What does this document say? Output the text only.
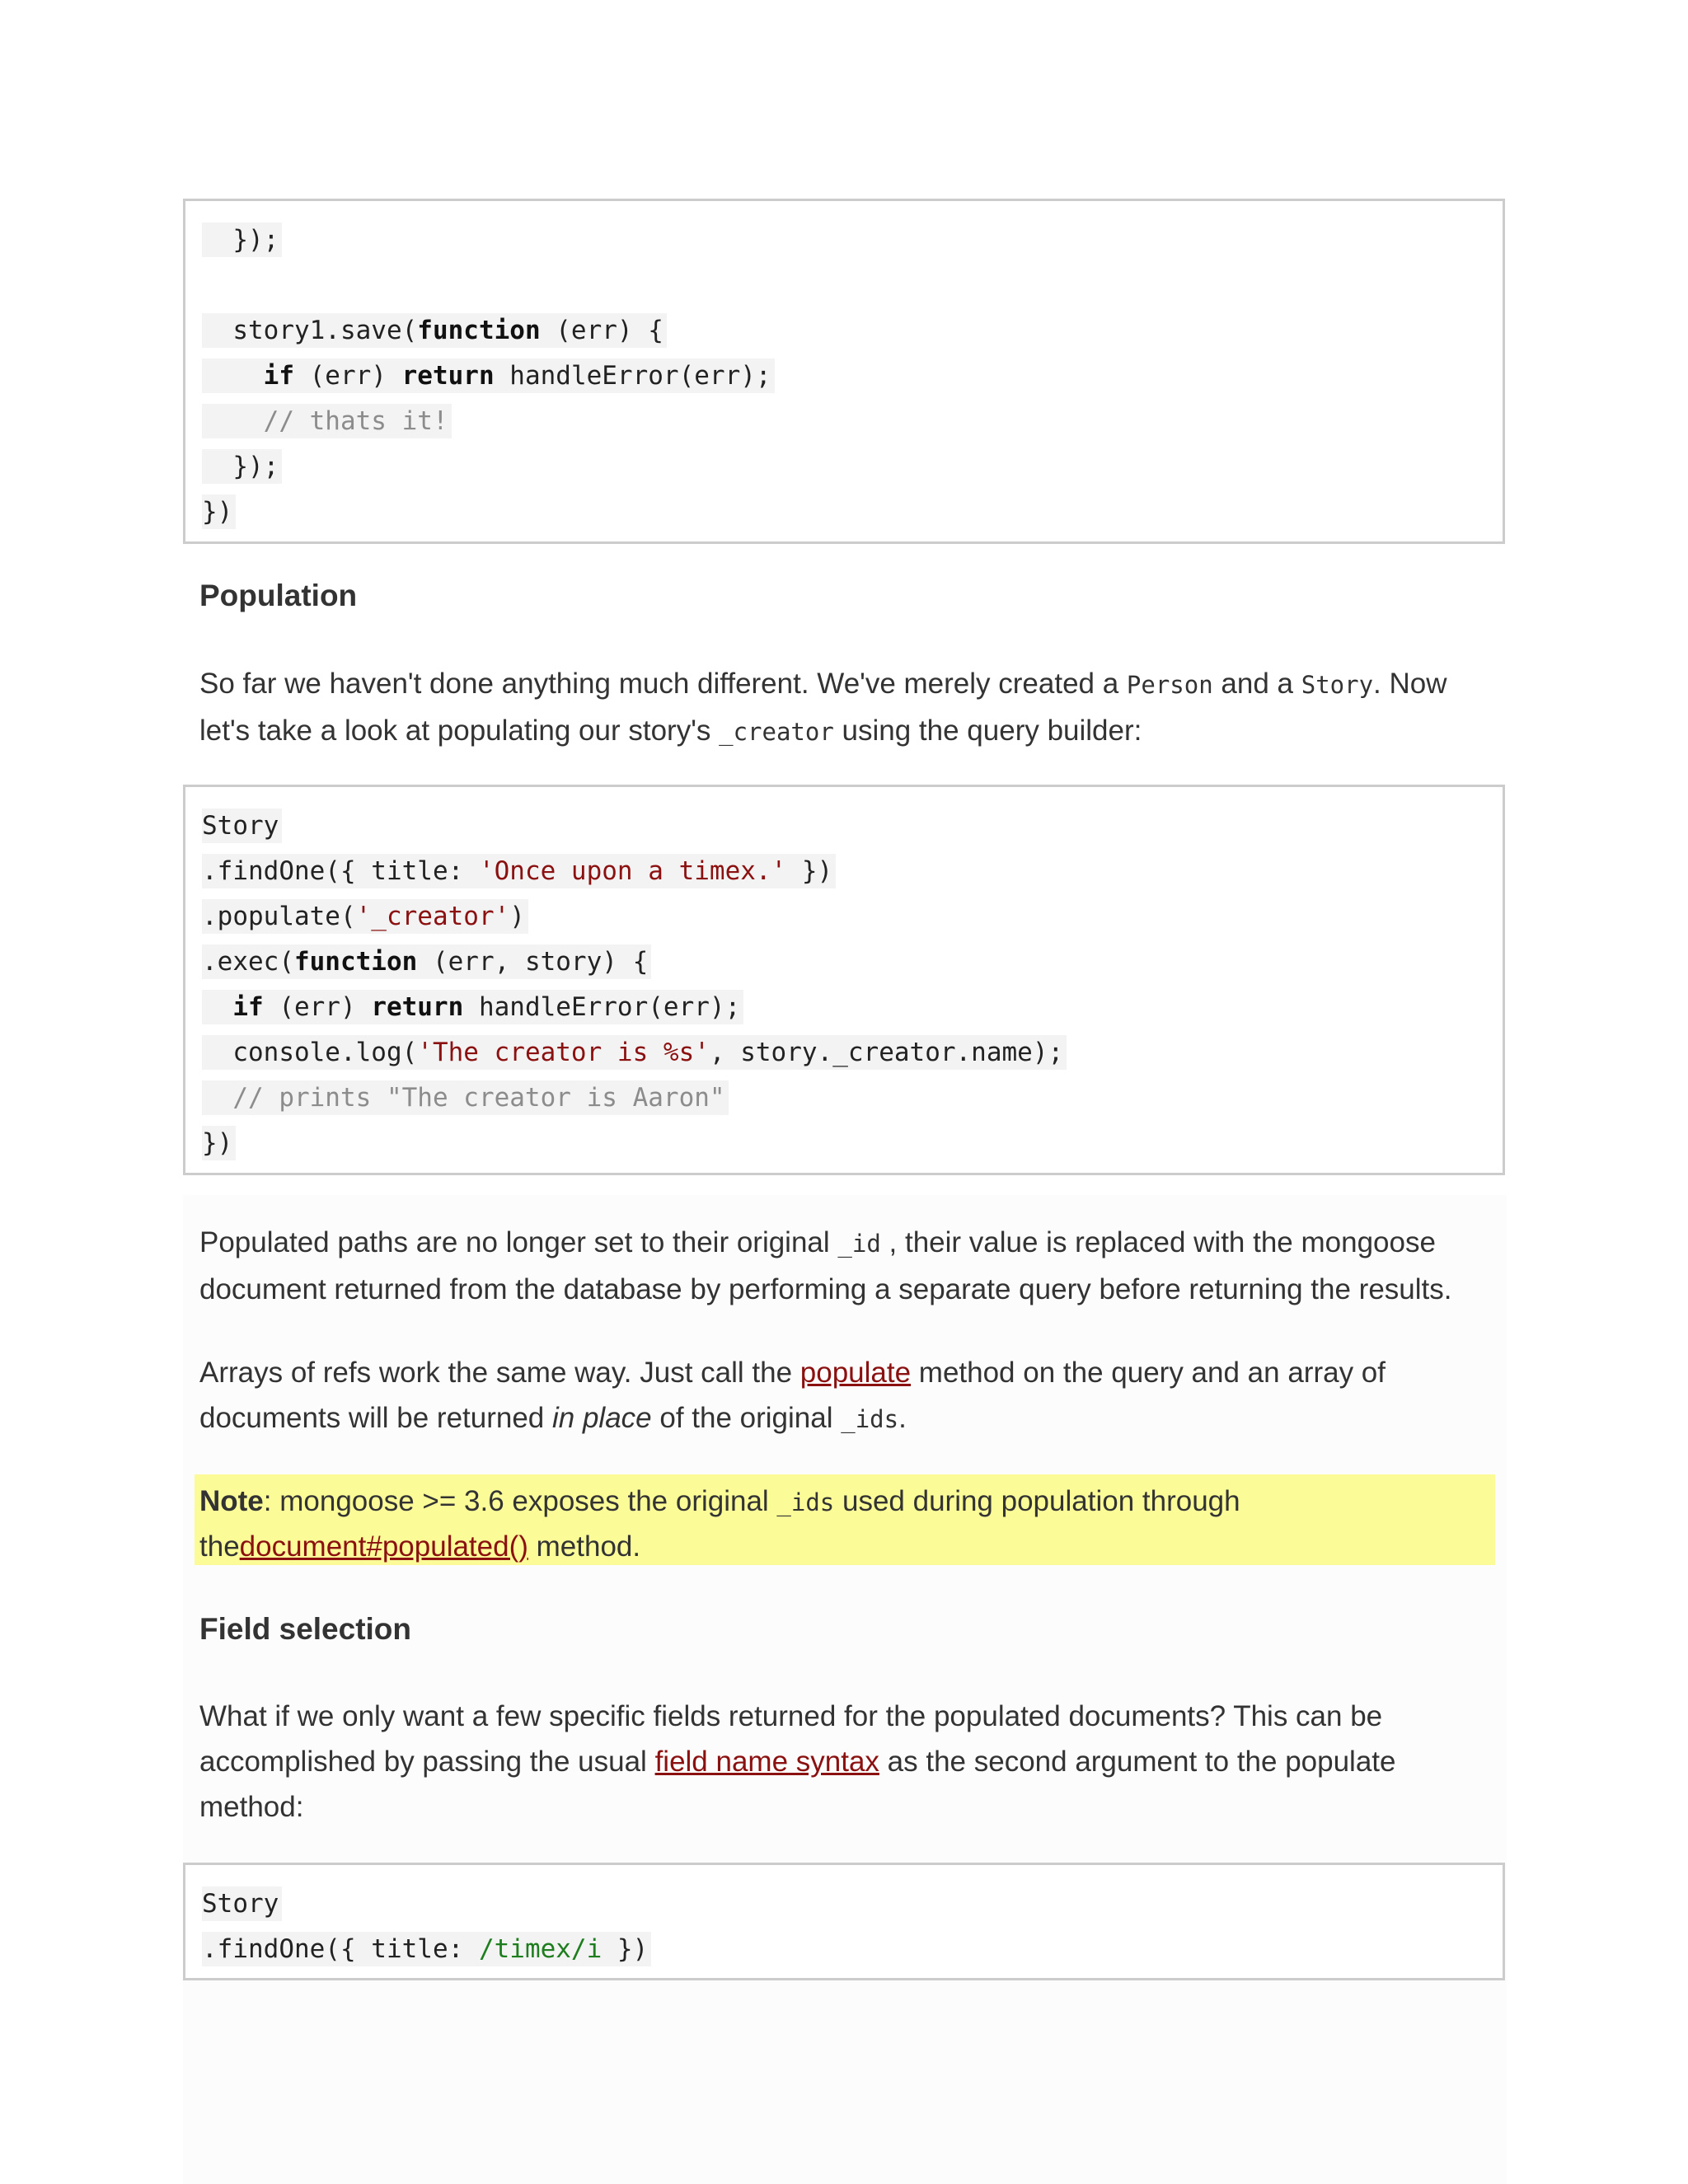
});
story1.save(function (err) {
if (err) return handleError(err);
// thats it!
});
})
Population

So far we haven't done anything much different. We've merely created a Person and a Story. Now let's take a look at populating our story's _creator using the query builder:

Story
.findOne({ title: 'Once upon a timex.' })
.populate('_creator')
.exec(function (err, story) {
if (err) return handleError(err);
console.log('The creator is %s', story._creator.name);
// prints "The creator is Aaron"
})

Populated paths are no longer set to their original _id , their value is replaced with the mongoose document returned from the database by performing a separate query before returning the results.

Arrays of refs work the same way. Just call the populate method on the query and an array of documents will be returned in place of the original _ids.

Note: mongoose >= 3.6 exposes the original _ids used during population through thedocument#populated() method.

Field selection

What if we only want a few specific fields returned for the populated documents? This can be accomplished by passing the usual field name syntax as the second argument to the populate method:

Story
.findOne({ title: /timex/i })
